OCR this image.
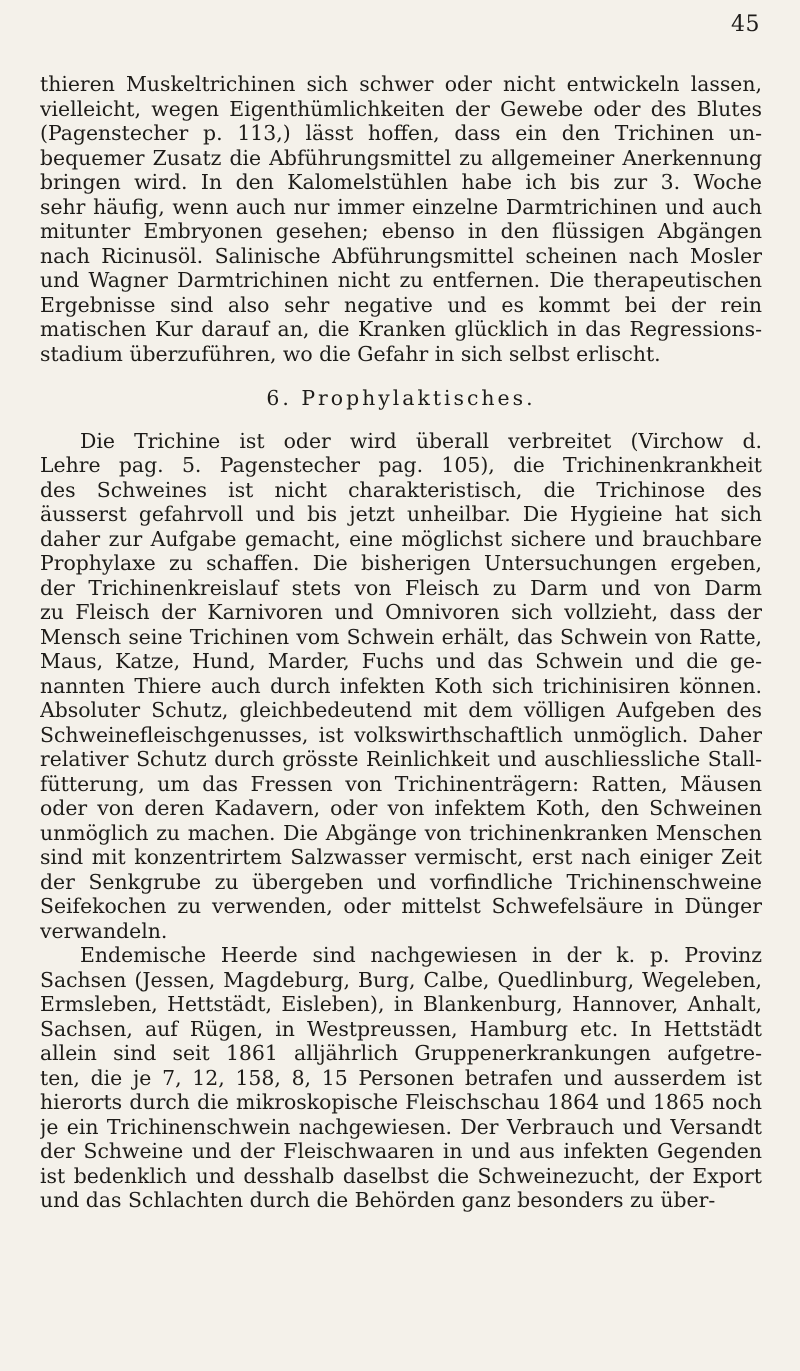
45
thieren Muskeltrichinen sich schwer oder nicht entwickeln lassen,
vielleicht, wegen Eigenthümlichkeiten der Gewebe oder des Blutes
(Pagenstecher p. 113,) lässt hoffen, dass ein den Trichinen un-
bequemer Zusatz die Abführungsmittel zu allgemeiner Anerkennung
bringen wird. In den Kalomelstühlen habe ich bis zur 3. Woche
sehr häufig, wenn auch nur immer einzelne Darmtrichinen und auch
mitunter Embryonen gesehen; ebenso in den flüssigen Abgängen
nach Ricinusöl. Salinische Abführungsmittel scheinen nach Mosler
und Wagner Darmtrichinen nicht zu entfernen. Die therapeutischen
Ergebnisse sind also sehr negative und es kommt bei der rein
matischen Kur darauf an, die Kranken glücklich in das Regressions-
stadium überzuführen, wo die Gefahr in sich selbst erlischt.
6. Prophylaktisches.
Die Trichine ist oder wird überall verbreitet (Virchow d.
Lehre pag. 5. Pagenstecher pag. 105), die Trichinenkrankheit
des Schweines ist nicht charakteristisch, die Trichinose des
äusserst gefahrvoll und bis jetzt unheilbar. Die Hygieine hat sich
daher zur Aufgabe gemacht, eine möglichst sichere und brauchbare
Prophylaxe zu schaffen. Die bisherigen Untersuchungen ergeben,
der Trichinenkreislauf stets von Fleisch zu Darm und von Darm
zu Fleisch der Karnivoren und Omnivoren sich vollzieht, dass der
Mensch seine Trichinen vom Schwein erhält, das Schwein von Ratte,
Maus, Katze, Hund, Marder, Fuchs und das Schwein und die ge-
nannten Thiere auch durch infekten Koth sich trichinisiren können.
Absoluter Schutz, gleichbedeutend mit dem völligen Aufgeben des
Schweinefleischgenusses, ist volkswirthschaftlich unmöglich. Daher
relativer Schutz durch grösste Reinlichkeit und auschliessliche Stall-
fütterung, um das Fressen von Trichinenträgern: Ratten, Mäusen
oder von deren Kadavern, oder von infektem Koth, den Schweinen
unmöglich zu machen. Die Abgänge von trichinenkranken Menschen
sind mit konzentrirtem Salzwasser vermischt, erst nach einiger Zeit
der Senkgrube zu übergeben und vorfindliche Trichinenschweine
Seifekochen zu verwenden, oder mittelst Schwefelsäure in Dünger
verwandeln.
Endemische Heerde sind nachgewiesen in der k. p. Provinz
Sachsen (Jessen, Magdeburg, Burg, Calbe, Quedlinburg, Wegeleben,
Ermsleben, Hettstädt, Eisleben), in Blankenburg, Hannover, Anhalt,
Sachsen, auf Rügen, in Westpreussen, Hamburg etc. In Hettstädt
allein sind seit 1861 alljährlich Gruppenerkrankungen aufgetre-
ten, die je 7, 12, 158, 8, 15 Personen betrafen und ausserdem ist
hierorts durch die mikroskopische Fleischschau 1864 und 1865 noch
je ein Trichinenschwein nachgewiesen. Der Verbrauch und Versandt
der Schweine und der Fleischwaaren in und aus infekten Gegenden
ist bedenklich und desshalb daselbst die Schweinezucht, der Export
und das Schlachten durch die Behörden ganz besonders zu über-
